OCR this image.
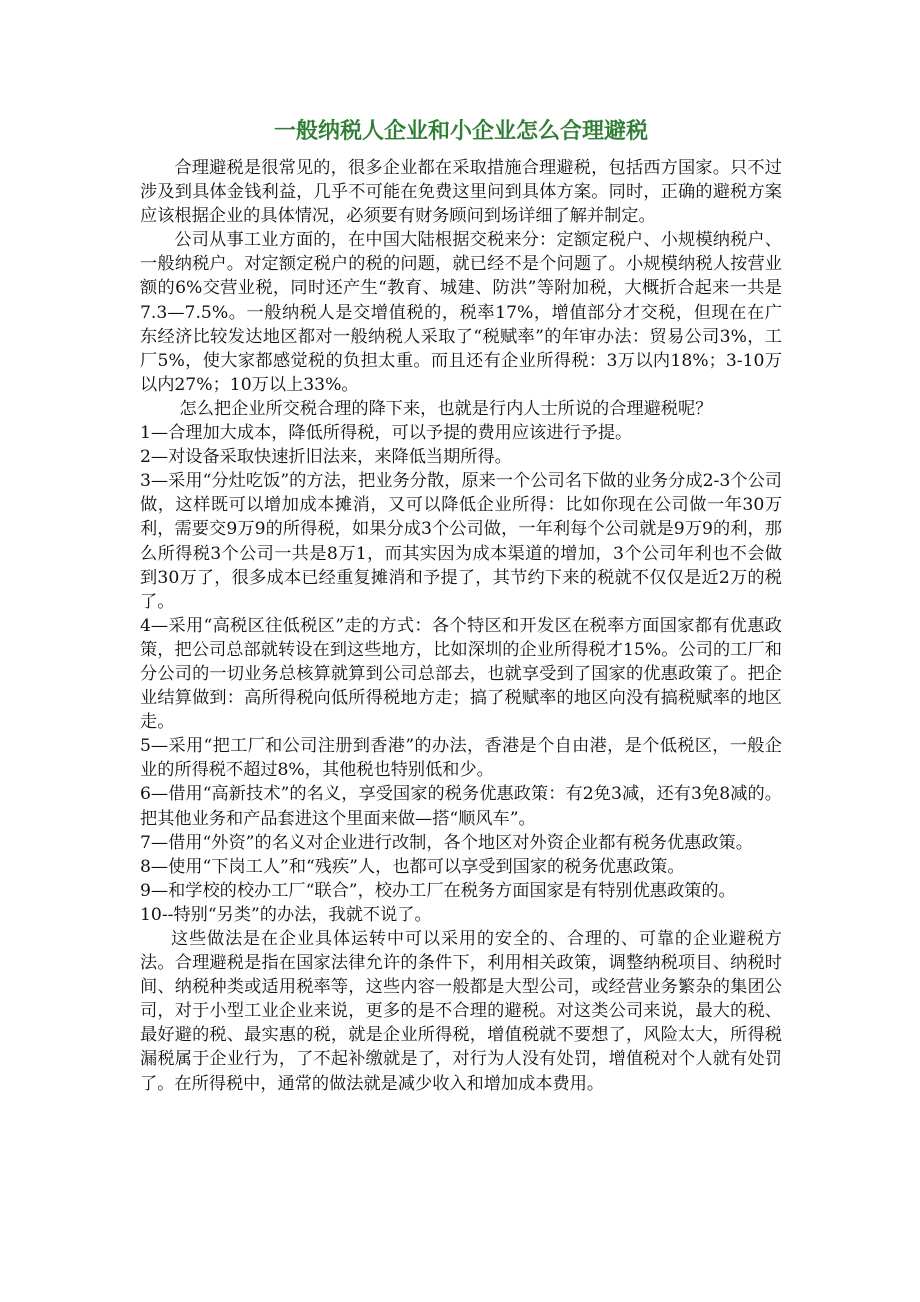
一般纳税人企业和小企业怎么合理避税

合理避税是很常见的，很多企业都在采取措施合理避税，包括西方国家。只不过涉及到具体金钱利益，几乎不可能在免费这里问到具体方案。同时，正确的避税方案应该根据企业的具体情况，必须要有财务顾问到场详细了解并制定。

公司从事工业方面的，在中国大陆根据交税来分：定额定税户、小规模纳税户、一般纳税户。对定额定税户的税的问题，就已经不是个问题了。小规模纳税人按营业额的6%交营业税，同时还产生“教育、城建、防洪”等附加税，大概折合起来一共是7.3—7.5%。一般纳税人是交增值税的，税率17%，增值部分才交税，但现在在广东经济比较发达地区都对一般纳税人采取了“税赋率”的年审办法：贸易公司3%，工厂5%，使大家都感觉税的负担太重。而且还有企业所得税：3万以内18%；3-10万以内27%；10万以上33%。

怎么把企业所交税合理的降下来，也就是行内人士所说的合理避税呢？

1—合理加大成本，降低所得税，可以予提的费用应该进行予提。

2—对设备采取快速折旧法来，来降低当期所得。

3—采用“分灶吃饭”的方法，把业务分散，原来一个公司名下做的业务分成2-3个公司做，这样既可以增加成本摊消，又可以降低企业所得：比如你现在公司做一年30万利，需要交9万9的所得税，如果分成3个公司做，一年利每个公司就是9万9的利，那么所得税3个公司一共是8万1，而其实因为成本渠道的增加，3个公司年利也不会做到30万了，很多成本已经重复摊消和予提了，其节约下来的税就不仅仅是近2万的税了。

4—采用“高税区往低税区”走的方式：各个特区和开发区在税率方面国家都有优惠政策，把公司总部就转设在到这些地方，比如深圳的企业所得税才15%。公司的工厂和分公司的一切业务总核算就算到公司总部去，也就享受到了国家的优惠政策了。把企业结算做到：高所得税向低所得税地方走；搞了税赋率的地区向没有搞税赋率的地区走。

5—采用“把工厂和公司注册到香港”的办法，香港是个自由港，是个低税区，一般企业的所得税不超过8%，其他税也特别低和少。

6—借用“高新技术”的名义，享受国家的税务优惠政策：有2免3减，还有3免8减的。把其他业务和产品套进这个里面来做—搭“顺风车”。

7—借用“外资”的名义对企业进行改制，各个地区对外资企业都有税务优惠政策。

8—使用“下岗工人”和“残疾”人，也都可以享受到国家的税务优惠政策。

9—和学校的校办工厂“联合”，校办工厂在税务方面国家是有特别优惠政策的。

10--特别“另类”的办法，我就不说了。

这些做法是在企业具体运转中可以采用的安全的、合理的、可靠的企业避税方法。合理避税是指在国家法律允许的条件下，利用相关政策，调整纳税项目、纳税时间、纳税种类或适用税率等，这些内容一般都是大型公司，或经营业务繁杂的集团公司，对于小型工业企业来说，更多的是不合理的避税。对这类公司来说，最大的税、最好避的税、最实惠的税，就是企业所得税，增值税就不要想了，风险太大，所得税漏税属于企业行为，了不起补缴就是了，对行为人没有处罚，增值税对个人就有处罚了。在所得税中，通常的做法就是减少收入和增加成本费用。
